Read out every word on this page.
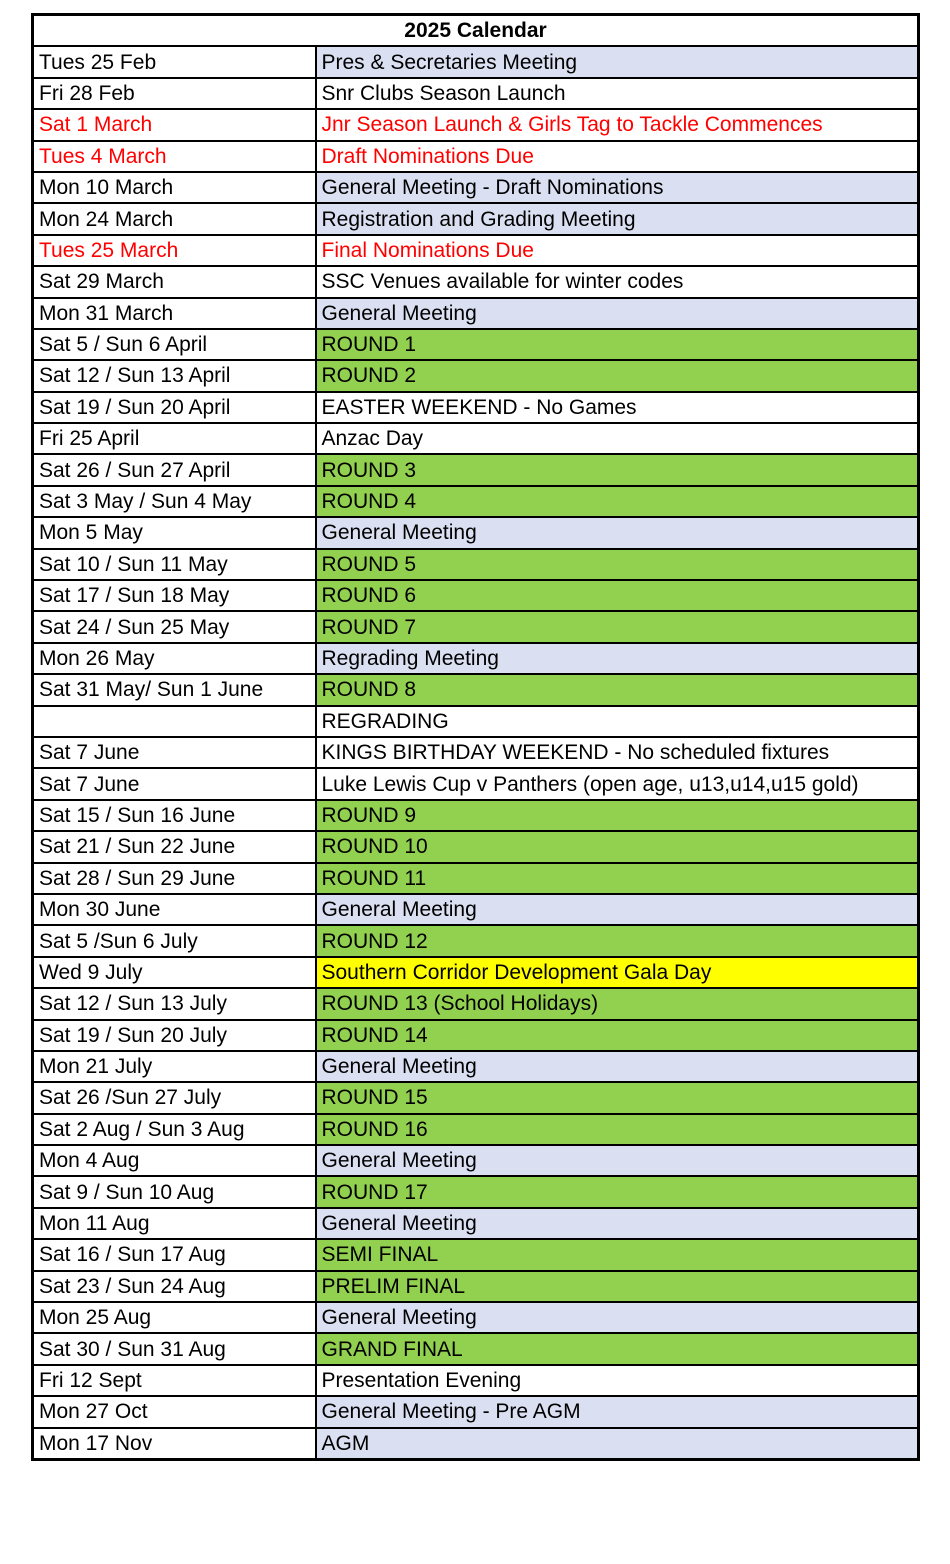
2025 Calendar	
Tues 25 Feb	Pres & Secretaries Meeting
Fri 28 Feb	Snr Clubs Season Launch
Sat 1 March	Jnr Season Launch & Girls Tag to Tackle Commences
Tues 4 March	Draft Nominations Due
Mon 10 March	General Meeting - Draft Nominations
Mon 24 March	Registration and Grading Meeting
Tues 25 March	Final Nominations Due
Sat 29 March	SSC Venues available for winter codes
Mon 31 March	General Meeting
Sat 5 / Sun 6 April	ROUND 1
Sat 12 / Sun 13 April	ROUND 2
Sat 19 / Sun 20 April	EASTER WEEKEND - No Games
Fri 25 April	Anzac Day
Sat 26 / Sun 27 April	ROUND 3
Sat 3 May / Sun 4 May	ROUND 4
Mon 5 May	General Meeting
Sat 10 / Sun 11 May	ROUND 5
Sat 17 / Sun 18 May	ROUND 6
Sat 24 / Sun 25 May	ROUND 7
Mon 26 May	Regrading Meeting
Sat 31 May/ Sun 1 June	ROUND 8
	REGRADING
Sat 7 June	KINGS BIRTHDAY WEEKEND - No scheduled fixtures
Sat 7 June	Luke Lewis Cup v Panthers (open age, u13,u14,u15 gold)
Sat 15 / Sun 16 June	ROUND 9
Sat 21 / Sun 22 June	ROUND 10
Sat 28 / Sun 29 June	ROUND 11
Mon 30 June	General Meeting
Sat 5 /Sun 6 July	ROUND 12
Wed 9 July	Southern Corridor Development Gala Day
Sat 12 / Sun 13 July	ROUND 13 (School Holidays)
Sat 19 / Sun 20 July	ROUND 14
Mon 21 July	General Meeting
Sat 26 /Sun 27 July	ROUND 15
Sat 2 Aug / Sun 3 Aug	ROUND 16
Mon 4 Aug	General Meeting
Sat 9 / Sun 10 Aug	ROUND 17
Mon 11 Aug	General Meeting
Sat 16 / Sun 17 Aug	SEMI FINAL
Sat 23 / Sun 24 Aug	PRELIM FINAL
Mon 25 Aug	General Meeting
Sat 30 / Sun 31 Aug	GRAND FINAL
Fri 12 Sept	Presentation Evening
Mon 27 Oct	General Meeting - Pre AGM
Mon 17 Nov	AGM
